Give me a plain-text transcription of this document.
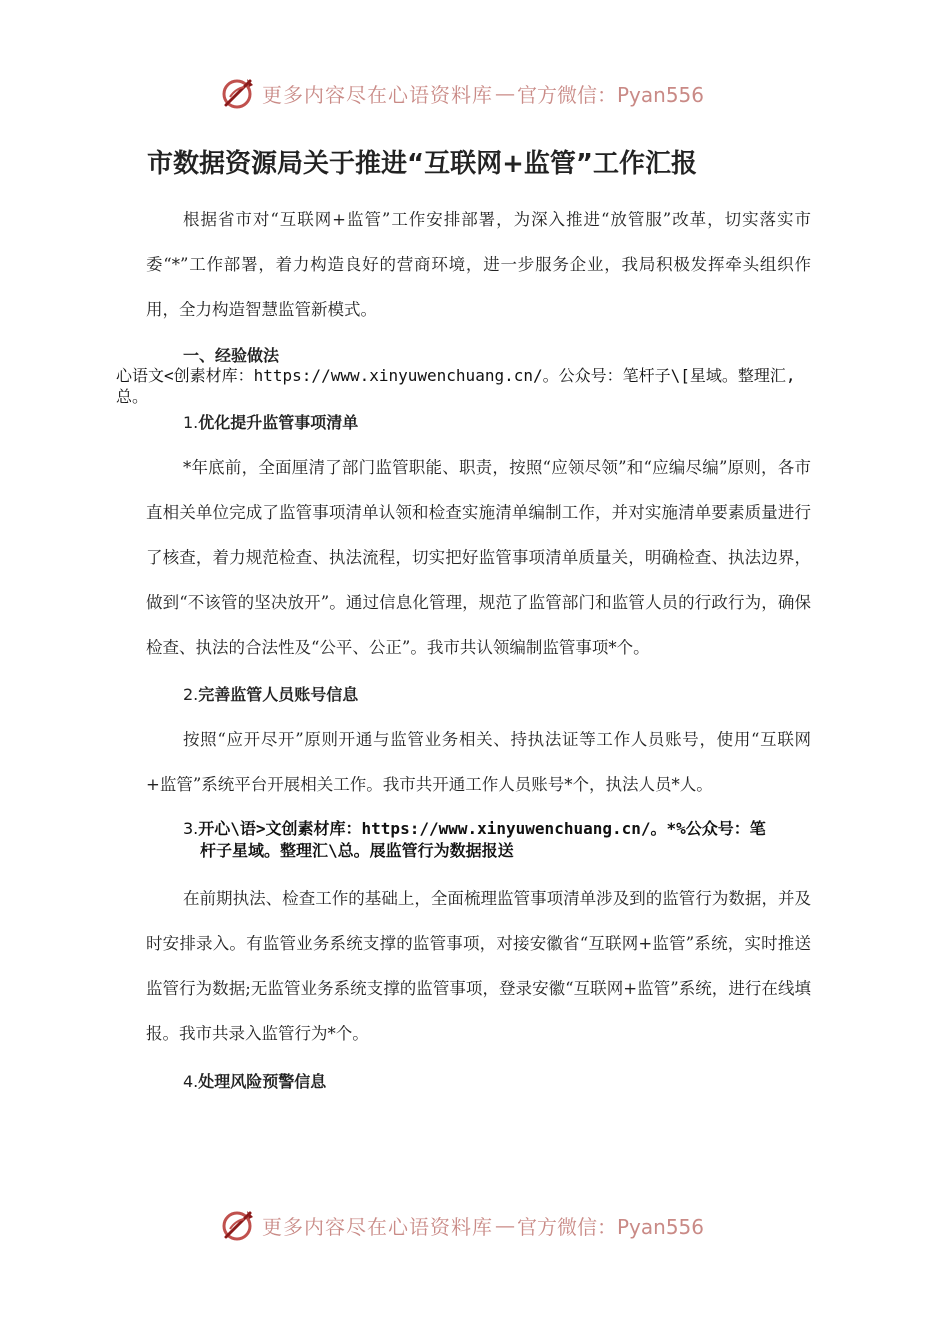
更多内容尽在心语资料库 — 官方微信：Pyan556
市数据资源局关于推进“互联网+监管”工作汇报

根据省市对“互联网+监管”工作安排部署，为深入推进“放管服”改革，切实落实市委“*”工作部署，着力构造良好的营商环境，进一步服务企业，我局积极发挥牵头组织作用，全力构造智慧监管新模式。

一、经验做法

心语文<创素材库：https://www.xinyuwenchuang.cn/。公众号：笔杆子\[星域。整理汇,总。

1.优化提升监管事项清单

*年底前，全面厘清了部门监管职能、职责，按照“应领尽领”和“应编尽编”原则，各市直相关单位完成了监管事项清单认领和检查实施清单编制工作，并对实施清单要素质量进行了核查，着力规范检查、执法流程，切实把好监管事项清单质量关，明确检查、执法边界，做到“不该管的坚决放开”。通过信息化管理，规范了监管部门和监管人员的行政行为，确保检查、执法的合法性及“公平、公正”。我市共认领编制监管事项*个。

2.完善监管人员账号信息

按照“应开尽开”原则开通与监管业务相关、持执法证等工作人员账号，使用“互联网+监管”系统平台开展相关工作。我市共开通工作人员账号*个，执法人员*人。

3.开心\语>文创素材库：https://www.xinyuwenchuang.cn/。*%公众号：笔
杆子星域。整理汇\总。展监管行为数据报送

在前期执法、检查工作的基础上，全面梳理监管事项清单涉及到的监管行为数据，并及时安排录入。有监管业务系统支撑的监管事项，对接安徽省“互联网+监管”系统，实时推送监管行为数据;无监管业务系统支撑的监管事项，登录安徽“互联网+监管”系统，进行在线填报。我市共录入监管行为*个。

4.处理风险预警信息
更多内容尽在心语资料库 — 官方微信：Pyan556
